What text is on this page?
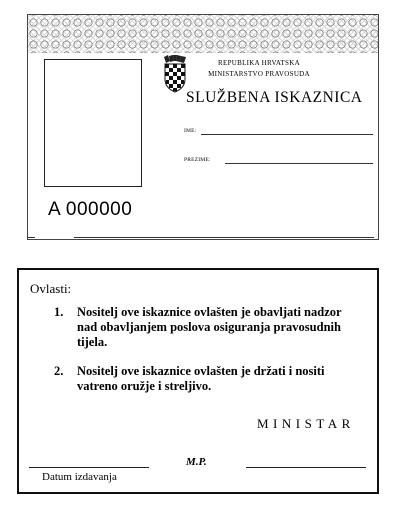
REPUBLIKA HRVATSKA
MINISTARSTVO PRAVOSUDA
SLUŽBENA ISKAZNICA
IME:
PREZIME:
A 000000
Ovlasti:
1. Nositelj ove iskaznice ovlašten je obavljati nadzor nad obavljanjem poslova osiguranja pravosudnih tijela.
2. Nositelj ove iskaznice ovlašten je držati i nositi vatreno oružje i streljivo.
MINISTAR
M.P.
Datum izdavanja
